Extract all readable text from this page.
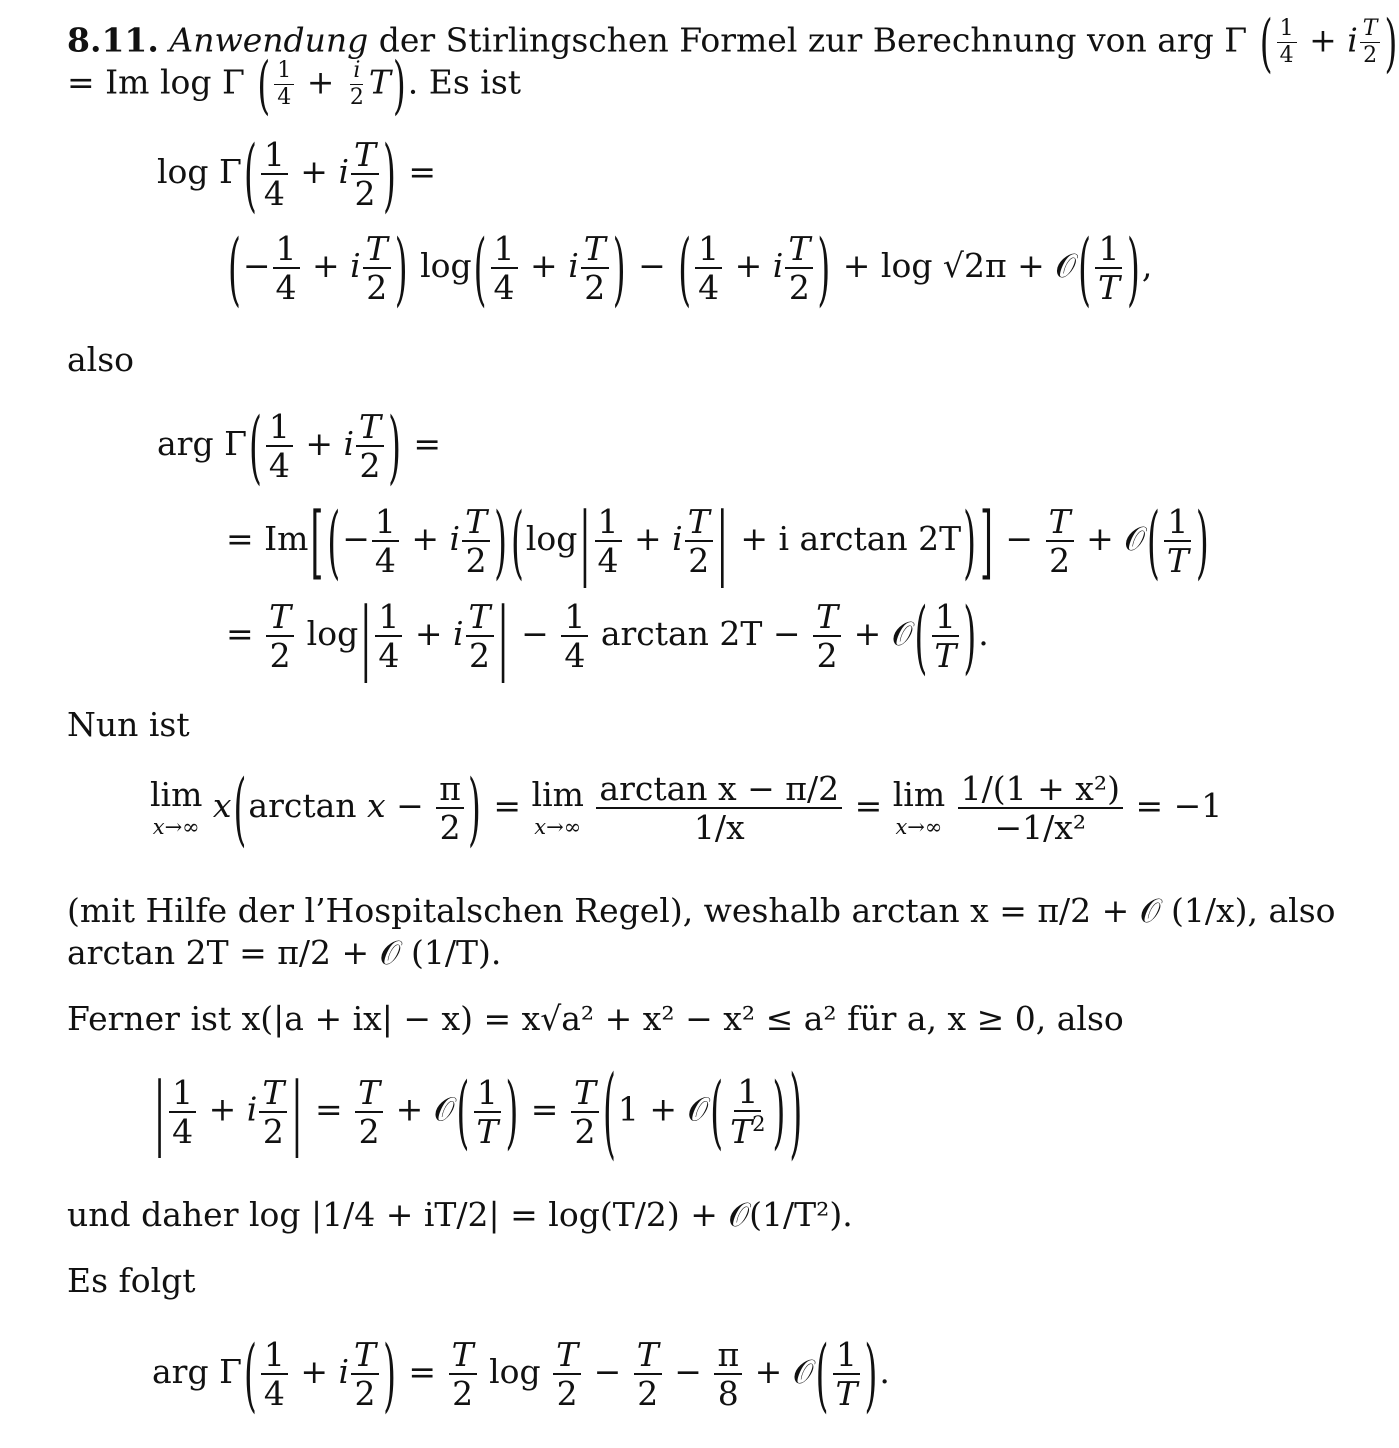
8.11. Anwendung der Stirlingschen Formel zur Berechnung von arg Γ ( $\frac{1}{4} + i \frac{T}{2}$ )
= Im log Γ ( $\frac{1}{4} + \frac{i}{2} T$). Es ist
$\log \Gamma( \frac{1}{4} + i \frac{T}{2}$ ) =
(− $\frac{1}{4} + i \frac{T}{2}$ ) $\log( \frac{1}{4} + i \frac{T}{2}$ ) − ( $\frac{1}{4} + i \frac{T}{2}$ ) + log √2π + 𝒪( $\frac{1}{T}$ ),
also
arg $\Gamma( \frac{1}{4} + i \frac{T}{2}$ ) =
= Im[ (− $\frac{1}{4} + i \frac{T}{2}$ ) ($\log| \frac{1}{4} + i \frac{T}{2}$ | + i arctan 2T) ] − $\frac{T}{2}$ + 𝒪( $\frac{1}{T}$ )
= $\frac{T}{2} \log| \frac{1}{4} + i \frac{T}{2}$ | − $\frac{1}{4}$ $\arctan 2T - \frac{T}{2}$ + 𝒪( $\frac{1}{T}$ ).
Nun ist
lim
x→∞
x(arctan $x - \frac{\pi}{2}$ ) = lim
x→∞
$\frac{\text{arctan x − π/2}}{1/x} = \lim$
x→∞
$\frac{\text{1/(1 + x²)}}{\text{−1/x²}} = -1$
(mit Hilfe der l’Hospitalschen Regel), weshalb arctan x = π/2 + 𝒪 (1/x), also
arctan 2T = π/2 + 𝒪 (1/T).
Ferner ist x(|a + ix| − x) = x√a² + x² − x² ≤ a² für a, x ≥ 0, also
| $\frac{1}{4} + i \frac{T}{2}$ | = $\frac{T}{2}$ + 𝒪( $\frac{1}{T}$ ) = $\frac{T}{2} (1$ + 𝒪( $\frac{1}{T^2}$ ) )
und daher log |1/4 + iT/2| = log(T/2) + 𝒪(1/T²).
Es folgt
arg $\Gamma( \frac{1}{4} + i \frac{T}{2}$ ) = $\frac{T}{2}$ $\log \frac{T}{2} - \frac{T}{2} - \frac{\pi}{8}$ + 𝒪( $\frac{1}{T}$ ).
